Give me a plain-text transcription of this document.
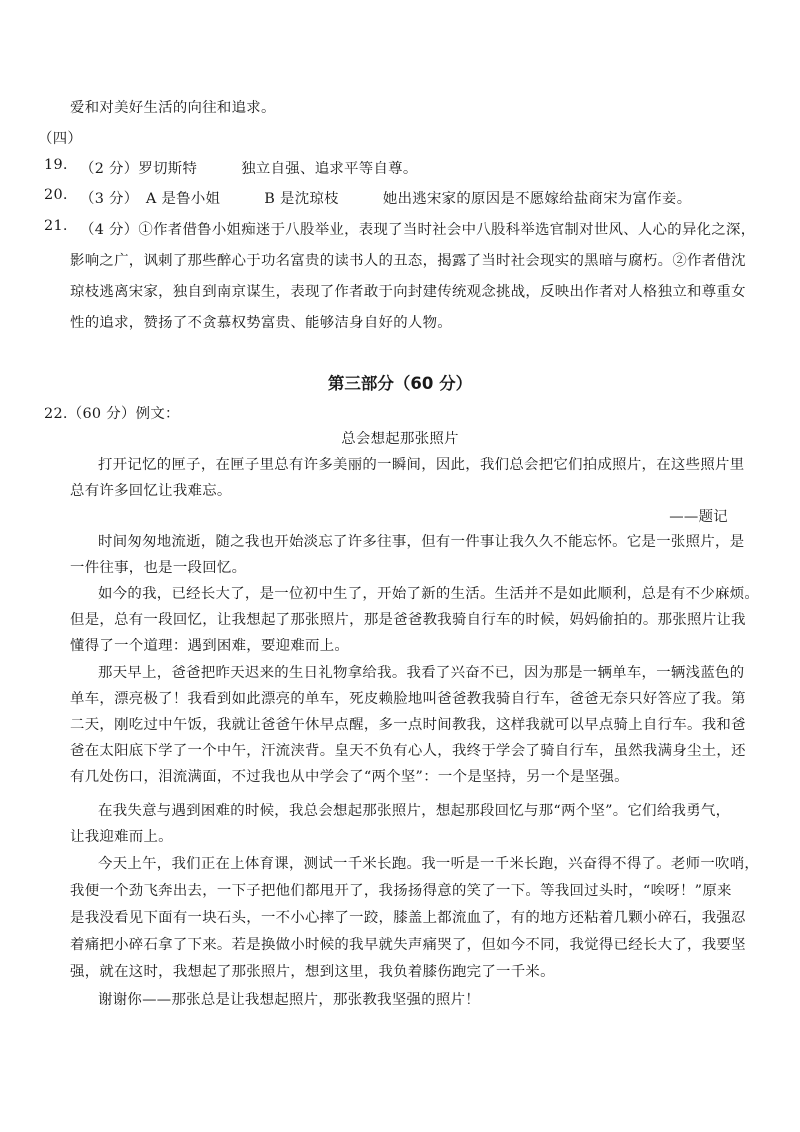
爱和对美好生活的向往和追求。
（四）
19. （2 分）罗切斯特　　　独立自强、追求平等自尊。
20. （3 分）　A 是鲁小姐　　　B 是沈琼枝　　　她出逃宋家的原因是不愿嫁给盐商宋为富作妾。
21. （4 分）①作者借鲁小姐痴迷于八股举业，表现了当时社会中八股科举选官制对世风、人心的异化之深，
影响之广，讽刺了那些醉心于功名富贵的读书人的丑态，揭露了当时社会现实的黑暗与腐朽。②作者借沈
琼枝逃离宋家，独自到南京谋生，表现了作者敢于向封建传统观念挑战，反映出作者对人格独立和尊重女
性的追求，赞扬了不贪慕权势富贵、能够洁身自好的人物。
第三部分（60 分）
22.（60 分）例文：
总会想起那张照片
打开记忆的匣子，在匣子里总有许多美丽的一瞬间，因此，我们总会把它们拍成照片，在这些照片里
总有许多回忆让我难忘。
——题记
时间匆匆地流逝，随之我也开始淡忘了许多往事，但有一件事让我久久不能忘怀。它是一张照片，是
一件往事，也是一段回忆。
如今的我，已经长大了，是一位初中生了，开始了新的生活。生活并不是如此顺利，总是有不少麻烦。
但是，总有一段回忆，让我想起了那张照片，那是爸爸教我骑自行车的时候，妈妈偷拍的。那张照片让我
懂得了一个道理：遇到困难，要迎难而上。
那天早上，爸爸把昨天迟来的生日礼物拿给我。我看了兴奋不已，因为那是一辆单车，一辆浅蓝色的
单车，漂亮极了！我看到如此漂亮的单车，死皮赖脸地叫爸爸教我骑自行车，爸爸无奈只好答应了我。第
二天，刚吃过中午饭，我就让爸爸午休早点醒，多一点时间教我，这样我就可以早点骑上自行车。我和爸
爸在太阳底下学了一个中午，汗流浃背。皇天不负有心人，我终于学会了骑自行车，虽然我满身尘土，还
有几处伤口，泪流满面，不过我也从中学会了“两个坚”：一个是坚持，另一个是坚强。
在我失意与遇到困难的时候，我总会想起那张照片，想起那段回忆与那“两个坚”。它们给我勇气，
让我迎难而上。
今天上午，我们正在上体育课，测试一千米长跑。我一听是一千米长跑，兴奋得不得了。老师一吹哨，
我便一个劲飞奔出去，一下子把他们都甩开了，我扬扬得意的笑了一下。等我回过头时，“唉呀！”原来
是我没看见下面有一块石头，一不小心摔了一跤，膝盖上都流血了，有的地方还粘着几颗小碎石，我强忍
着痛把小碎石拿了下来。若是换做小时候的我早就失声痛哭了，但如今不同，我觉得已经长大了，我要坚
强，就在这时，我想起了那张照片，想到这里，我负着膝伤跑完了一千米。
谢谢你——那张总是让我想起照片，那张教我坚强的照片！
